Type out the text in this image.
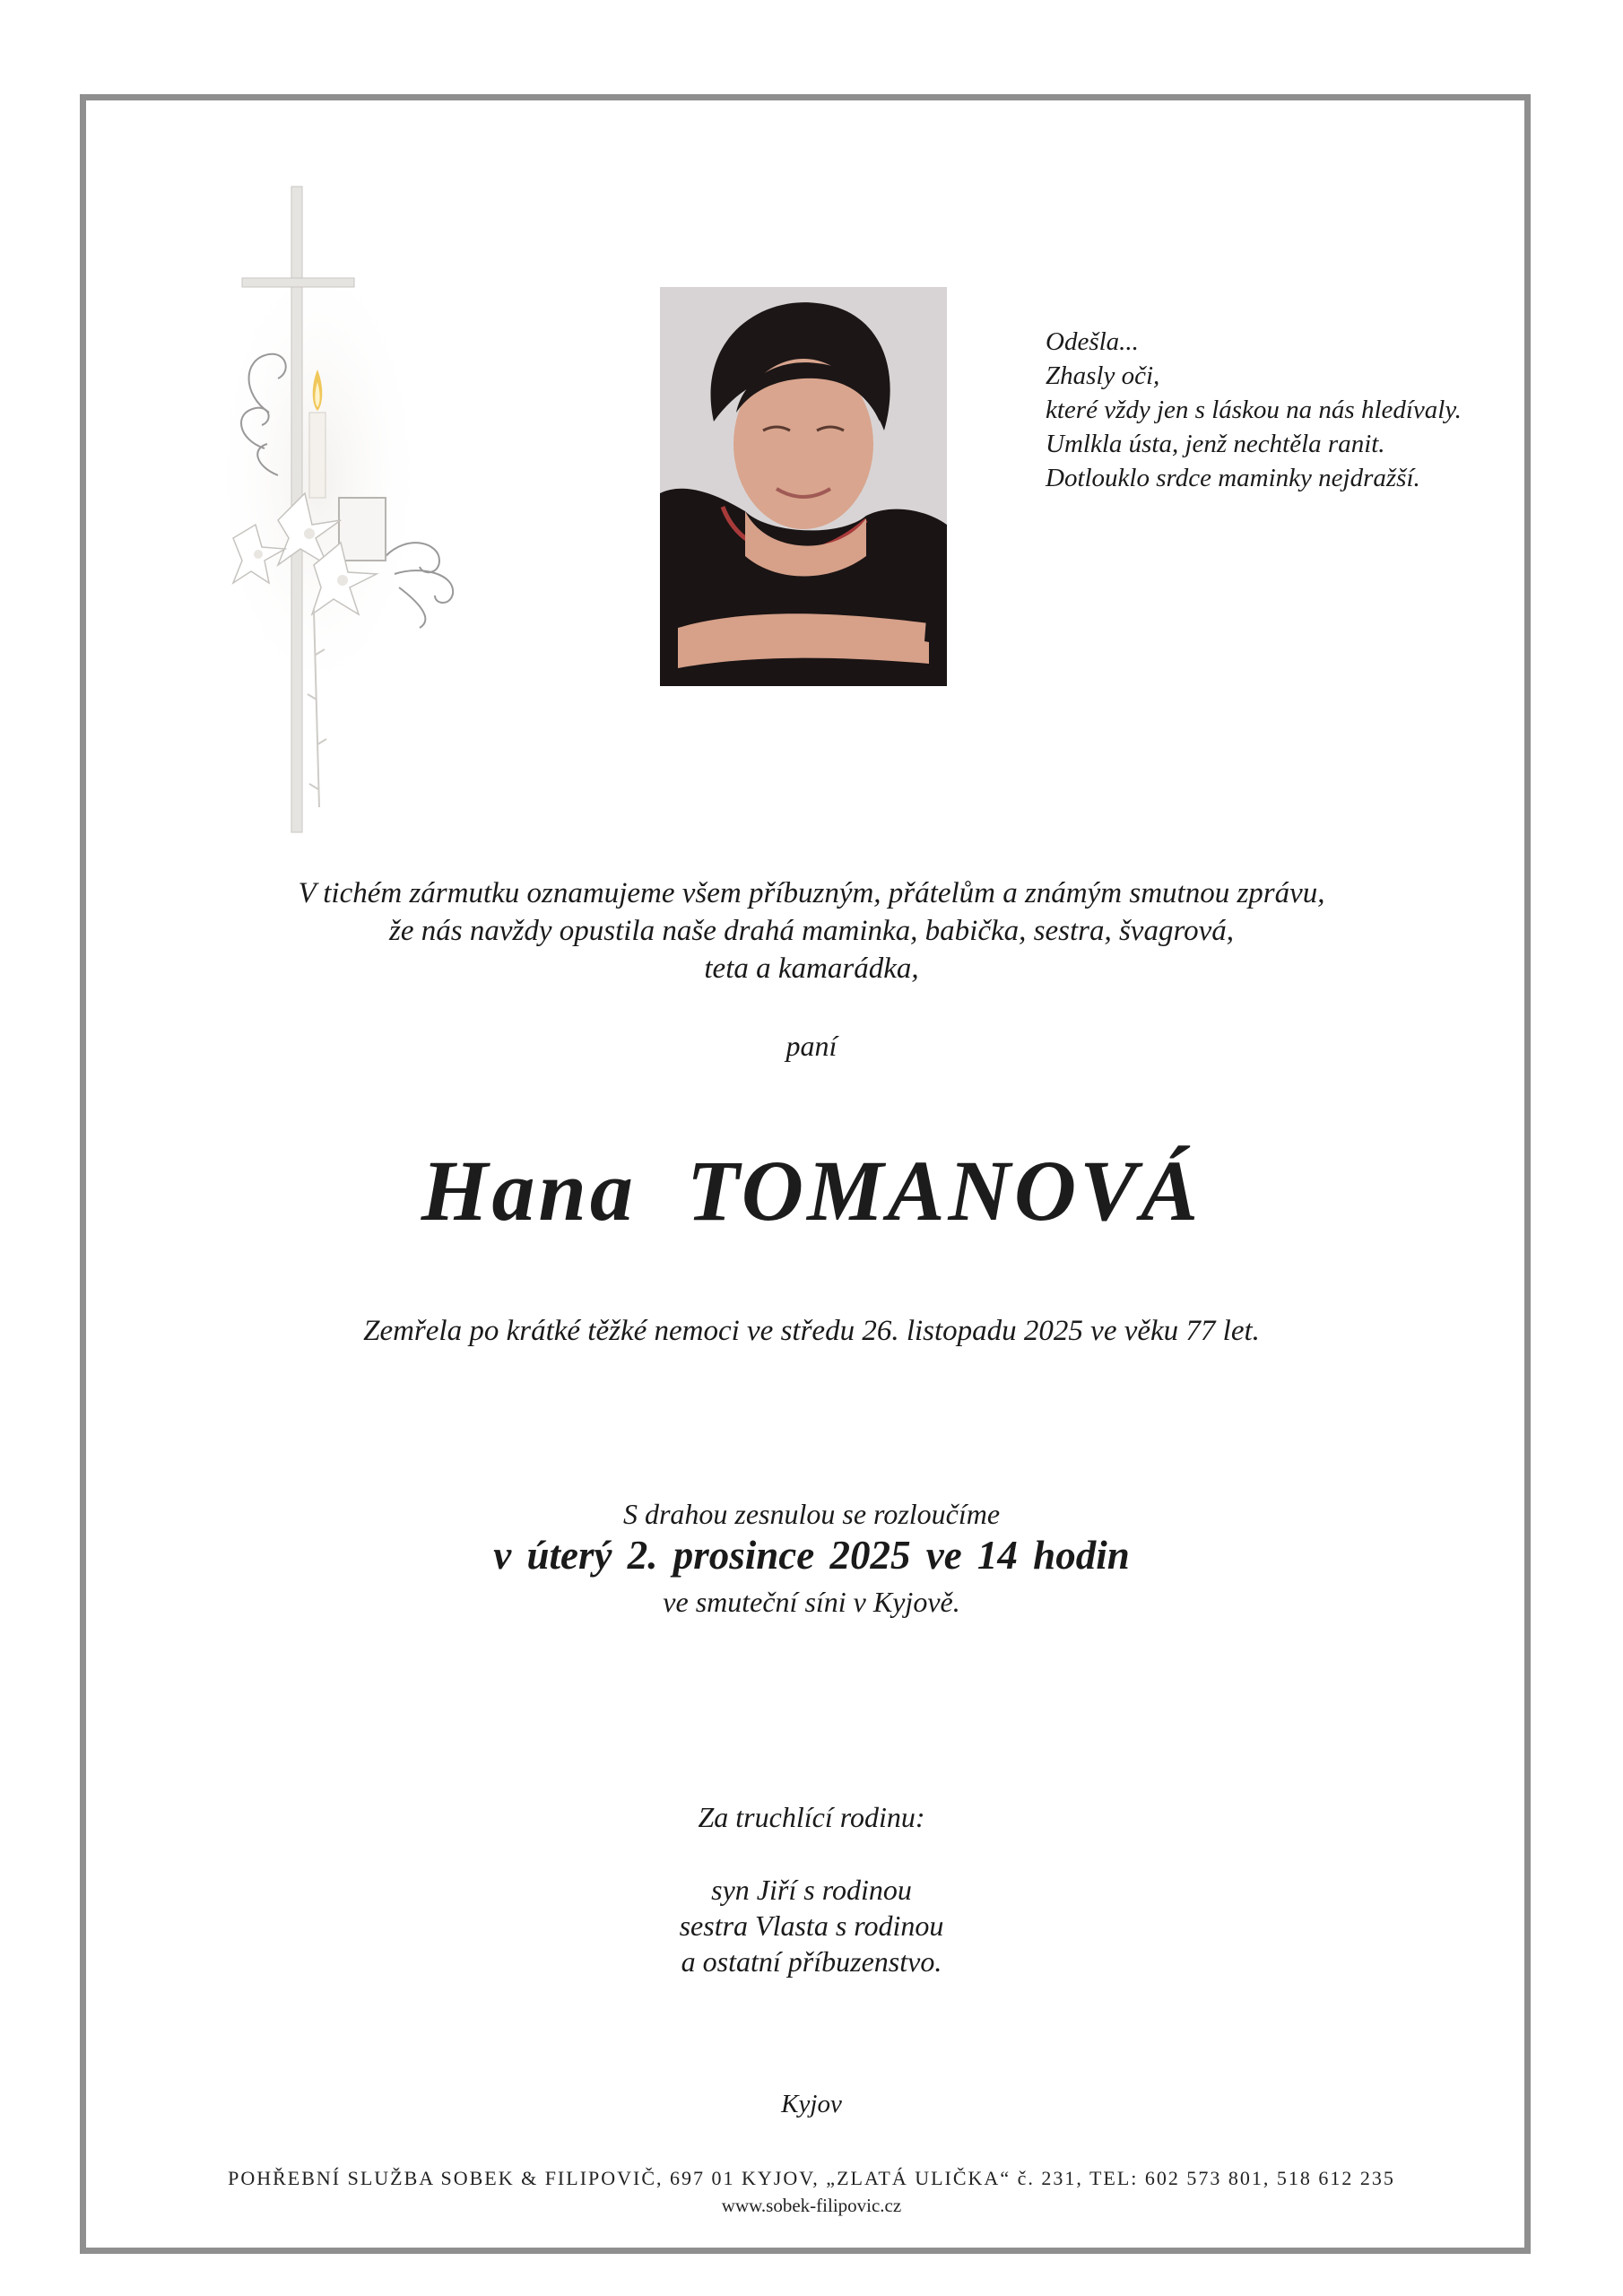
Odešla...
Zhasly oči,
které vždy jen s láskou na nás hledívaly.
Umlkla ústa, jenž nechtěla ranit.
Dotlouklo srdce maminky nejdražší.
V tichém zármutku oznamujeme všem příbuzným, přátelům a známým smutnou zprávu,
že nás navždy opustila naše drahá maminka, babička, sestra, švagrová,
teta a kamarádka,
paní
Hana TOMANOVÁ
Zemřela po krátké těžké nemoci ve středu 26. listopadu 2025 ve věku 77 let.
S drahou zesnulou se rozloučíme
v úterý 2. prosince 2025 ve 14 hodin
ve smuteční síni v Kyjově.
Za truchlící rodinu:
syn Jiří s rodinou
sestra Vlasta s rodinou
a ostatní příbuzenstvo.
Kyjov
POHŘEBNÍ SLUŽBA SOBEK & FILIPOVIČ, 697 01 KYJOV, „ZLATÁ ULIČKA“ č. 231, TEL: 602 573 801, 518 612 235
www.sobek-filipovic.cz
